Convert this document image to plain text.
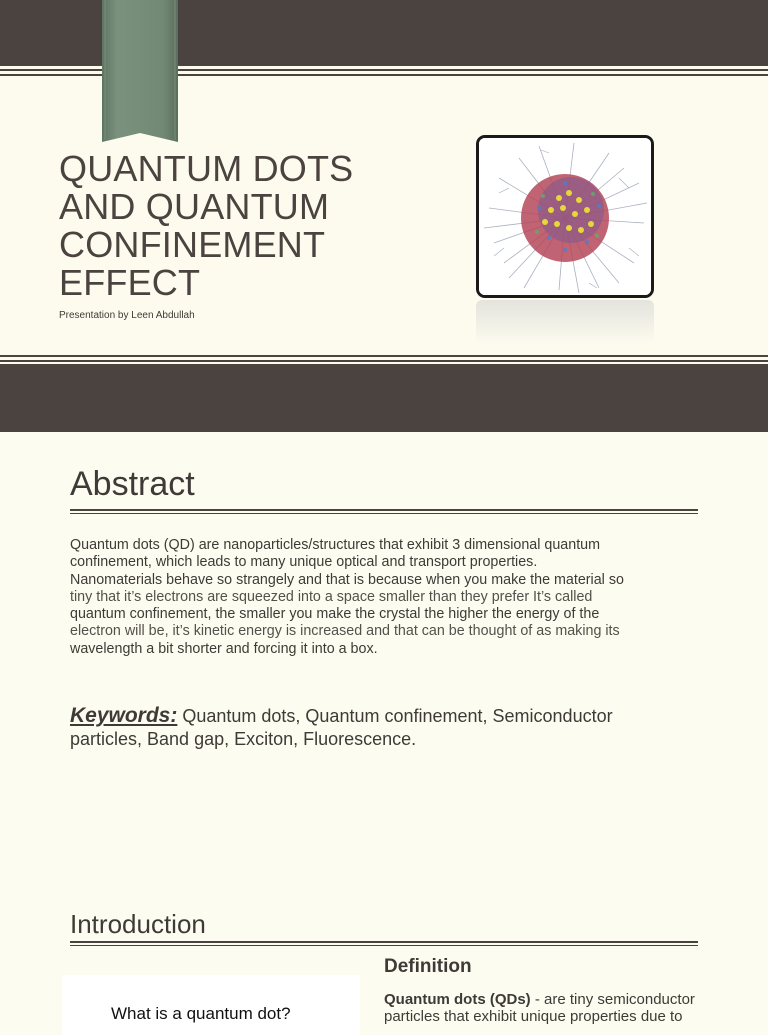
QUANTUM DOTS
AND QUANTUM
CONFINEMENT
EFFECT
Presentation by Leen Abdullah
Abstract
Quantum dots (QD) are nanoparticles/structures that exhibit 3 dimensional quantum
confinement, which leads to many unique optical and transport properties.
Nanomaterials behave so strangely and that is because when you make the material so
tiny that it’s electrons are squeezed into a space smaller than they prefer It’s called
quantum confinement, the smaller you make the crystal the higher the energy of the
electron will be, it’s kinetic energy is increased and that can be thought of as making its
wavelength a bit shorter and forcing it into a box.
Keywords: Quantum dots, Quantum confinement, Semiconductor
particles, Band gap, Exciton, Fluorescence.
Introduction
What is a quantum dot?
Definition
Quantum dots (QDs) - are tiny semiconductor
particles that exhibit unique properties due to
